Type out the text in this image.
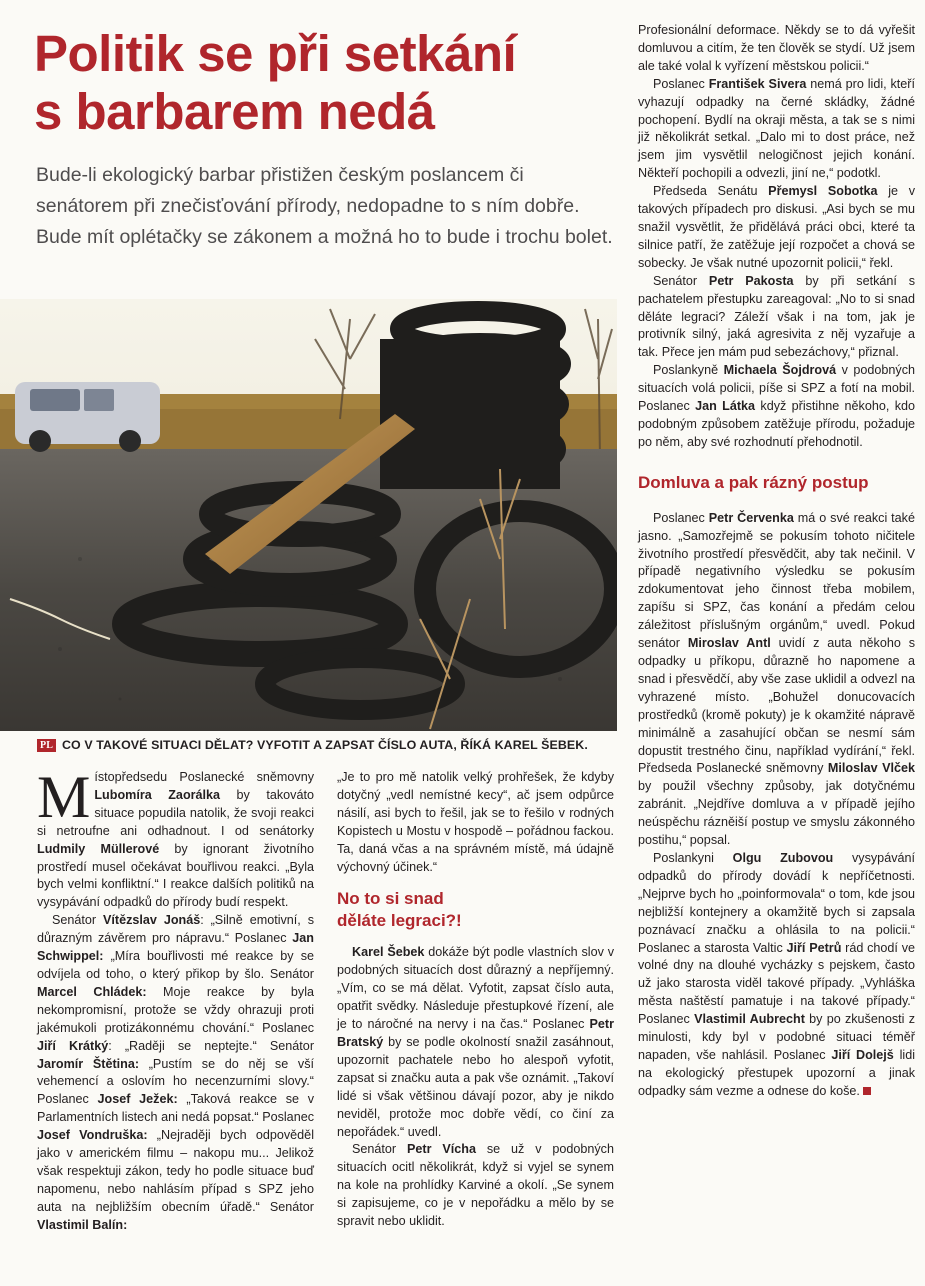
Politik se při setkání
s barbarem nedá

Bude-li ekologický barbar přistižen českým poslancem či senátorem při znečisťování přírody, nedopadne to s ním dobře. Bude mít oplétačky se zákonem a možná ho to bude i trochu bolet.

PL CO V TAKOVÉ SITUACI DĚLAT? VYFOTIT A ZAPSAT ČÍSLO AUTA, ŘÍKÁ KAREL ŠEBEK.

Místopředsedu Poslanecké sněmovny Lubomíra Zaorálka by takováto situace popudila natolik, že svoji reakci si netroufne ani odhadnout. I od senátorky Ludmily Müllerové by ignorant životního prostředí musel očekávat bouřlivou reakci. „Byla bych velmi konfliktní.“ I reakce dalších politiků na vysypávání odpadků do přírody budí respekt.

Senátor Vítězslav Jonáš: „Silně emotivní, s důrazným závěrem pro nápravu.“ Poslanec Jan Schwippel: „Míra bouřlivosti mé reakce by se odvíjela od toho, o který přikop by šlo. Senátor Marcel Chládek: Moje reakce by byla nekompromisní, protože se vždy ohrazuji proti jakémukoli protizákonnému chování.“ Poslanec Jiří Krátký: „Raději se neptejte.“ Senátor Jaromír Štětina: „Pustím se do něj se vší vehemencí a oslovím ho necenzurními slovy.“ Poslanec Josef Ježek: „Taková reakce se v Parlamentních listech ani nedá popsat.“ Poslanec Josef Vondruška: „Nejraději bych odpověděl jako v americkém filmu – nakopu mu... Jelikož však respektuji zákon, tedy ho podle situace buď napomenu, nebo nahlásím případ s SPZ jeho auta na nejbližším obecním úřadě.“ Senátor Vlastimil Balín:

„Je to pro mě natolik velký prohřešek, že kdyby dotyčný „vedl nemístné kecy“, ač jsem odpůrce násilí, asi bych to řešil, jak se to řešilo v rodných Kopistech u Mostu v hospodě – pořádnou fackou. Ta, daná včas a na správném místě, má údajně výchovný účinek.“

No to si snad
děláte legraci?!

Karel Šebek dokáže být podle vlastních slov v podobných situacích dost důrazný a nepříjemný. „Vím, co se má dělat. Vyfotit, zapsat číslo auta, opatřit svědky. Následuje přestupkové řízení, ale je to náročné na nervy i na čas.“ Poslanec Petr Bratský by se podle okolností snažil zasáhnout, upozornit pachatele nebo ho alespoň vyfotit, zapsat si značku auta a pak vše oznámit. „Takoví lidé si však většinou dávají pozor, aby je nikdo neviděl, protože moc dobře vědí, co činí za nepořádek.“ uvedl.

Senátor Petr Vícha se už v podobných situacích ocitl několikrát, když si vyjel se synem na kole na prohlídky Karviné a okolí. „Se synem si zapisujeme, co je v nepořádku a mělo by se spravit nebo uklidit.

Profesionální deformace. Někdy se to dá vyřešit domluvou a citím, že ten člověk se stydí. Už jsem ale také volal k vyřízení městskou policii.“

Poslanec František Sivera nemá pro lidi, kteří vyhazují odpadky na černé skládky, žádné pochopení. Bydlí na okraji města, a tak se s nimi již několikrát setkal. „Dalo mi to dost práce, než jsem jim vysvětlil nelogičnost jejich konání. Někteří pochopili a odvezli, jiní ne,“ podotkl.

Předseda Senátu Přemysl Sobotka je v takových případech pro diskusi. „Asi bych se mu snažil vysvětlit, že přidělává práci obci, které ta silnice patří, že zatěžuje její rozpočet a chová se sobecky. Je však nutné upozornit policii,“ řekl.

Senátor Petr Pakosta by při setkání s pachatelem přestupku zareagoval: „No to si snad děláte legraci? Záleží však i na tom, jak je protivník silný, jaká agresivita z něj vyzařuje a tak. Přece jen mám pud sebezáchovy,“ přiznal.

Poslankyně Michaela Šojdrová v podobných situacích volá policii, píše si SPZ a fotí na mobil. Poslanec Jan Látka když přistihne někoho, kdo podobným způsobem zatěžuje přírodu, požaduje po něm, aby své rozhodnutí přehodnotil.

Domluva a pak rázný postup

Poslanec Petr Červenka má o své reakci také jasno. „Samozřejmě se pokusím tohoto ničitele životního prostředí přesvědčit, aby tak nečinil. V případě negativního výsledku se pokusím zdokumentovat jeho činnost třeba mobilem, zapíšu si SPZ, čas konání a předám celou záležitost příslušným orgánům,“ uvedl. Pokud senátor Miroslav Antl uvidí z auta někoho s odpadky u příkopu, důrazně ho napomene a snad i přesvědčí, aby vše zase uklidil a odvezl na vyhrazené místo. „Bohužel donucovacích prostředků (kromě pokuty) je k okamžité nápravě minimálně a zasahující občan se nesmí sám dopustit trestného činu, například vydírání,“ řekl. Předseda Poslanecké sněmovny Miloslav Vlček by použil všechny způsoby, jak dotyčnému zabránit. „Nejdříve domluva a v případě jejího neúspěchu rázněiší postup ve smyslu zákonného postihu,“ popsal.

Poslankyni Olgu Zubovou vysypávání odpadků do přírody dovádí k nepříčetnosti. „Nejprve bych ho „poinformovala“ o tom, kde jsou nejbližší kontejnery a okamžitě bych si zapsala poznávací značku a ohlásila to na policii.“ Poslanec a starosta Valtic Jiří Petrů rád chodí ve volné dny na dlouhé vycházky s pejskem, často už jako starosta viděl takové případy. „Vyhláška města naštěstí pamatuje i na takové případy.“ Poslanec Vlastimil Aubrecht by po zkušenosti z minulosti, kdy byl v podobné situaci téměř napaden, vše nahlásil. Poslanec Jiří Dolejš lidi na ekologický přestupek upozorní a jinak odpadky sám vezme a odnese do koše.
